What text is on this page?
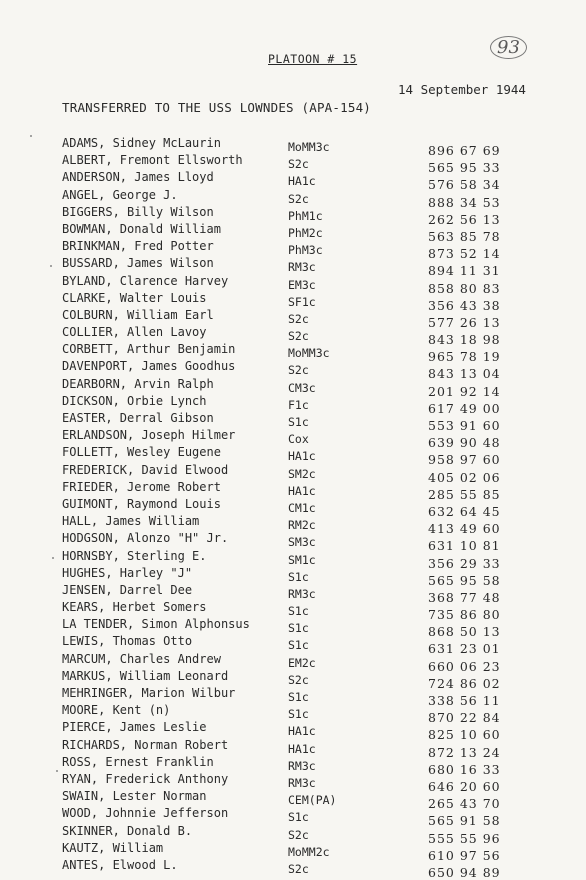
PLATOON # 15
93
14 September 1944
TRANSFERRED TO THE USS LOWNDES (APA-154)
ADAMS, Sidney McLaurin	MoMM3c	896 67 69
ALBERT, Fremont Ellsworth	S2c	565 95 33
ANDERSON, James Lloyd	HA1c	576 58 34
ANGEL, George J.	S2c	888 34 53
BIGGERS, Billy Wilson	PhM1c	262 56 13
BOWMAN, Donald William	PhM2c	563 85 78
BRINKMAN, Fred Potter	PhM3c	873 52 14
BUSSARD, James Wilson	RM3c	894 11 31
BYLAND, Clarence Harvey	EM3c	858 80 83
CLARKE, Walter Louis	SF1c	356 43 38
COLBURN, William Earl	S2c	577 26 13
COLLIER, Allen Lavoy	S2c	843 18 98
CORBETT, Arthur Benjamin	MoMM3c	965 78 19
DAVENPORT, James Goodhus	S2c	843 13 04
DEARBORN, Arvin Ralph	CM3c	201 92 14
DICKSON, Orbie Lynch	F1c	617 49 00
EASTER, Derral Gibson	S1c	553 91 60
ERLANDSON, Joseph Hilmer	Cox	639 90 48
FOLLETT, Wesley Eugene	HA1c	958 97 60
FREDERICK, David Elwood	SM2c	405 02 06
FRIEDER, Jerome Robert	HA1c	285 55 85
GUIMONT, Raymond Louis	CM1c	632 64 45
HALL, James William	RM2c	413 49 60
HODGSON, Alonzo "H" Jr.	SM3c	631 10 81
HORNSBY, Sterling E.	SM1c	356 29 33
HUGHES, Harley "J"	S1c	565 95 58
JENSEN, Darrel Dee	RM3c	368 77 48
KEARS, Herbet Somers	S1c	735 86 80
LA TENDER, Simon Alphonsus	S1c	868 50 13
LEWIS, Thomas Otto	S1c	631 23 01
MARCUM, Charles Andrew	EM2c	660 06 23
MARKUS, William Leonard	S2c	724 86 02
MEHRINGER, Marion Wilbur	S1c	338 56 11
MOORE, Kent (n)	S1c	870 22 84
PIERCE, James Leslie	HA1c	825 10 60
RICHARDS, Norman Robert	HA1c	872 13 24
ROSS, Ernest Franklin	RM3c	680 16 33
RYAN, Frederick Anthony	RM3c	646 20 60
SWAIN, Lester Norman	CEM(PA)	265 43 70
WOOD, Johnnie Jefferson	S1c	565 91 58
SKINNER, Donald B.	S2c	555 55 96
KAUTZ, William	MoMM2c	610 97 56
ANTES, Elwood L.	S2c	650 94 89
